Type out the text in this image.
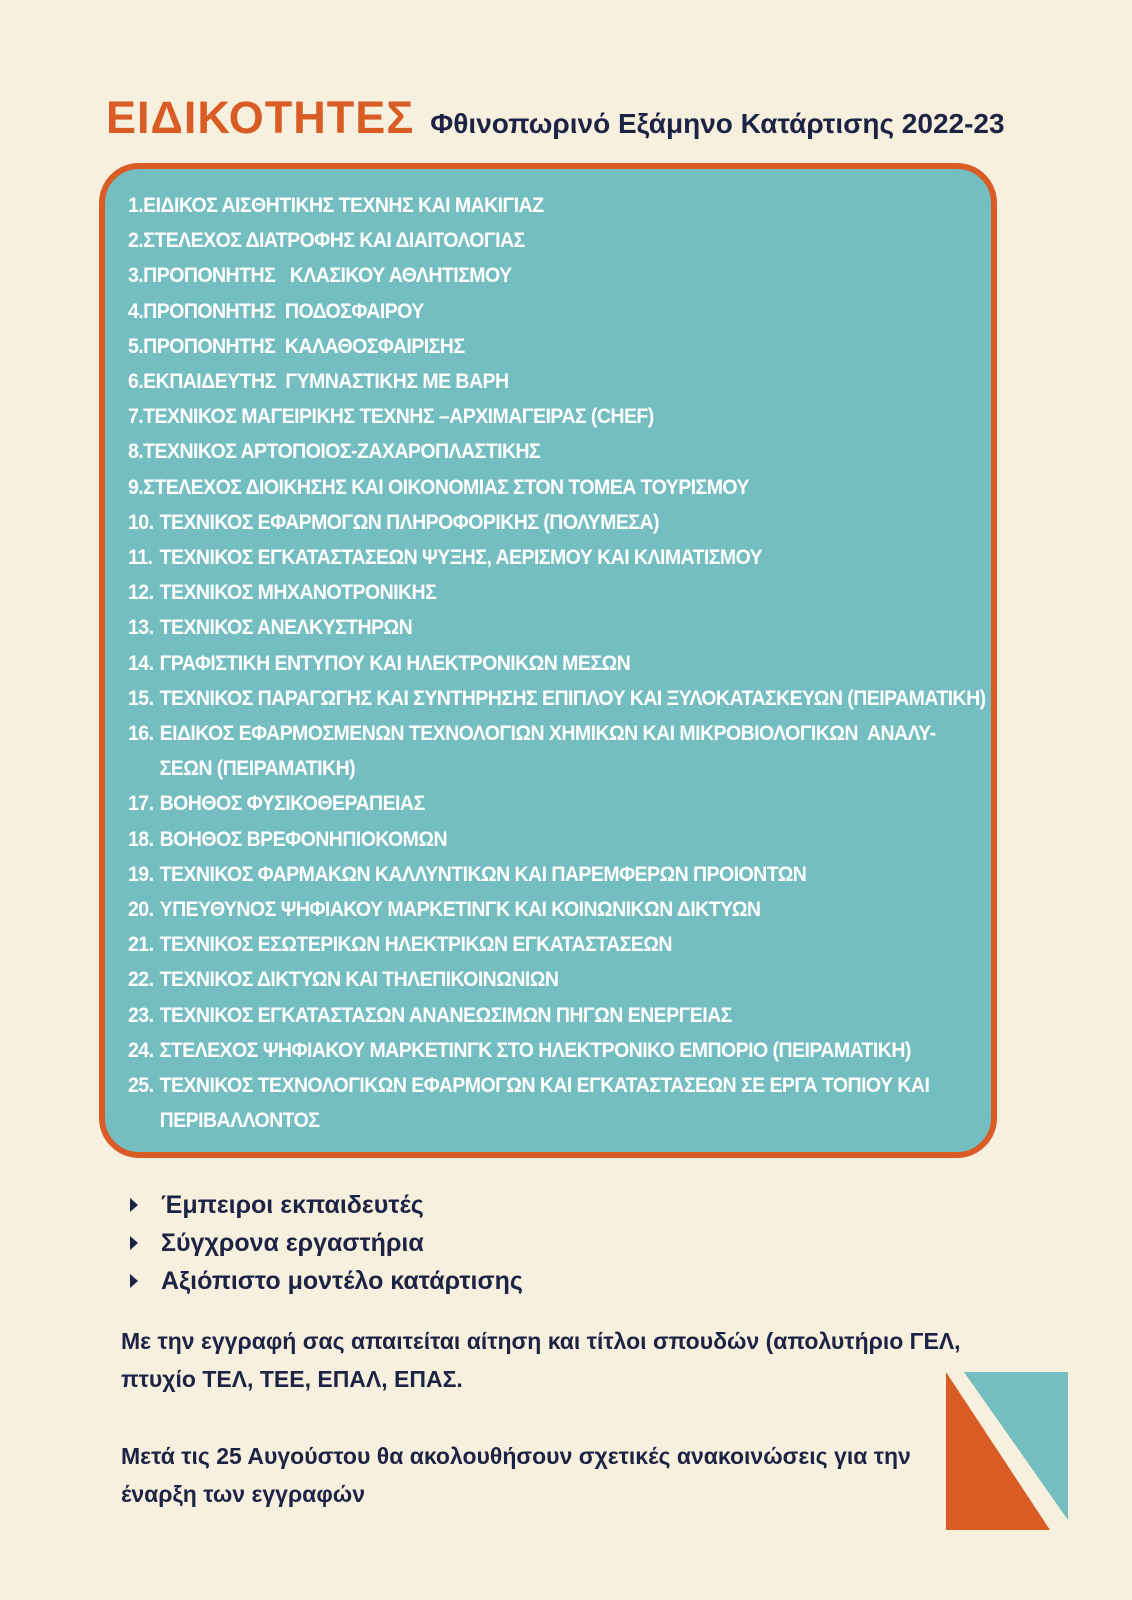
ΕΙΔΙΚΟΤΗΤΕΣ Φθινοπωρινό Εξάμηνο Κατάρτισης 2022-23
1. ΕΙΔΙΚΟΣ ΑΙΣΘΗΤΙΚΗΣ ΤΕΧΝΗΣ ΚΑΙ ΜΑΚΙΓΙΑΖ
2. ΣΤΕΛΕΧΟΣ ΔΙΑΤΡΟΦΗΣ ΚΑΙ ΔΙΑΙΤΟΛΟΓΙΑΣ
3. ΠΡΟΠΟΝΗΤΗΣ   ΚΛΑΣΙΚΟΥ ΑΘΛΗΤΙΣΜΟΥ
4. ΠΡΟΠΟΝΗΤΗΣ  ΠΟΔΟΣΦΑΙΡΟΥ
5. ΠΡΟΠΟΝΗΤΗΣ  ΚΑΛΑΘΟΣΦΑΙΡΙΣΗΣ
6. ΕΚΠΑΙΔΕΥΤΗΣ  ΓΥΜΝΑΣΤΙΚΗΣ ΜΕ ΒΑΡΗ
7. ΤΕΧΝΙΚΟΣ ΜΑΓΕΙΡΙΚΗΣ ΤΕΧΝΗΣ –ΑΡΧΙΜΑΓΕΙΡΑΣ (CHEF)
8. ΤΕΧΝΙΚΟΣ ΑΡΤΟΠΟΙΟΣ-ΖΑΧΑΡΟΠΛΑΣΤΙΚΗΣ
9. ΣΤΕΛΕΧΟΣ ΔΙΟΙΚΗΣΗΣ ΚΑΙ ΟΙΚΟΝΟΜΙΑΣ ΣΤΟΝ ΤΟΜΕΑ ΤΟΥΡΙΣΜΟΥ
10. ΤΕΧΝΙΚΟΣ ΕΦΑΡΜΟΓΩΝ ΠΛΗΡΟΦΟΡΙΚΗΣ (ΠΟΛΥΜΕΣΑ)
11. ΤΕΧΝΙΚΟΣ ΕΓΚΑΤΑΣΤΑΣΕΩΝ ΨΥΞΗΣ, ΑΕΡΙΣΜΟΥ ΚΑΙ ΚΛΙΜΑΤΙΣΜΟΥ
12. ΤΕΧΝΙΚΟΣ ΜΗΧΑΝΟΤΡΟΝΙΚΗΣ
13. ΤΕΧΝΙΚΟΣ ΑΝΕΛΚΥΣΤΗΡΩΝ
14. ΓΡΑΦΙΣΤΙΚΗ ΕΝΤΥΠΟΥ ΚΑΙ ΗΛΕΚΤΡΟΝΙΚΩΝ ΜΕΣΩΝ
15. ΤΕΧΝΙΚΟΣ ΠΑΡΑΓΩΓΗΣ ΚΑΙ ΣΥΝΤΗΡΗΣΗΣ ΕΠΙΠΛΟΥ ΚΑΙ ΞΥΛΟΚΑΤΑΣΚΕΥΩΝ (ΠΕΙΡΑΜΑΤΙΚΗ)
16. ΕΙΔΙΚΟΣ ΕΦΑΡΜΟΣΜΕΝΩΝ ΤΕΧΝΟΛΟΓΙΩΝ ΧΗΜΙΚΩΝ ΚΑΙ ΜΙΚΡΟΒΙΟΛΟΓΙΚΩΝ  ΑΝΑΛΥ-
ΣΕΩΝ (ΠΕΙΡΑΜΑΤΙΚΗ)
17. ΒΟΗΘΟΣ ΦΥΣΙΚΟΘΕΡΑΠΕΙΑΣ
18. ΒΟΗΘΟΣ ΒΡΕΦΟΝΗΠΙΟΚΟΜΩΝ
19. ΤΕΧΝΙΚΟΣ ΦΑΡΜΑΚΩΝ ΚΑΛΛΥΝΤΙΚΩΝ ΚΑΙ ΠΑΡΕΜΦΕΡΩΝ ΠΡΟΙΟΝΤΩΝ
20. ΥΠΕΥΘΥΝΟΣ ΨΗΦΙΑΚΟΥ ΜΑΡΚΕΤΙΝΓΚ ΚΑΙ ΚΟΙΝΩΝΙΚΩΝ ΔΙΚΤΥΩΝ
21. ΤΕΧΝΙΚΟΣ ΕΣΩΤΕΡΙΚΩΝ ΗΛΕΚΤΡΙΚΩΝ ΕΓΚΑΤΑΣΤΑΣΕΩΝ
22. ΤΕΧΝΙΚΟΣ ΔΙΚΤΥΩΝ ΚΑΙ ΤΗΛΕΠΙΚΟΙΝΩΝΙΩΝ
23. ΤΕΧΝΙΚΟΣ ΕΓΚΑΤΑΣΤΑΣΩΝ ΑΝΑΝΕΩΣΙΜΩΝ ΠΗΓΩΝ ΕΝΕΡΓΕΙΑΣ
24. ΣΤΕΛΕΧΟΣ ΨΗΦΙΑΚΟΥ ΜΑΡΚΕΤΙΝΓΚ ΣΤΟ ΗΛΕΚΤΡΟΝΙΚΟ ΕΜΠΟΡΙΟ (ΠΕΙΡΑΜΑΤΙΚΗ)
25. ΤΕΧΝΙΚΟΣ ΤΕΧΝΟΛΟΓΙΚΩΝ ΕΦΑΡΜΟΓΩΝ ΚΑΙ ΕΓΚΑΤΑΣΤΑΣΕΩΝ ΣΕ ΕΡΓΑ ΤΟΠΙΟΥ ΚΑΙ
ΠΕΡΙΒΑΛΛΟΝΤΟΣ
Έμπειροι εκπαιδευτές
Σύγχρονα εργαστήρια
Αξιόπιστο μοντέλο κατάρτισης

Με την εγγραφή σας απαιτείται αίτηση και τίτλοι σπουδών (απολυτήριο ΓΕΛ, πτυχίο ΤΕΛ, ΤΕΕ, ΕΠΑΛ, ΕΠΑΣ.

Μετά τις 25 Αυγούστου θα ακολουθήσουν σχετικές ανακοινώσεις για την έναρξη των εγγραφών
